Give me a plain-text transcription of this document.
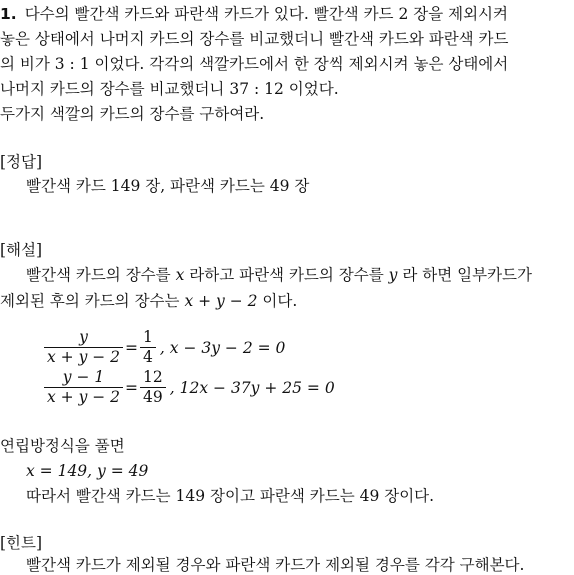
1. 다수의 빨간색 카드와 파란색 카드가 있다. 빨간색 카드 2 장을 제외시켜
놓은 상태에서 나머지 카드의 장수를 비교했더니 빨간색 카드와 파란색 카드
의 비가 3 : 1 이었다. 각각의 색깔카드에서 한 장씩 제외시켜 놓은 상태에서
나머지 카드의 장수를 비교했더니 37 : 12 이었다.
두가지 색깔의 카드의 장수를 구하여라.
[정답]
빨간색 카드 149 장, 파란색 카드는 49 장
[해설]
빨간색 카드의 장수를 x 라하고 파란색 카드의 장수를 y 라 하면 일부카드가
제외된 후의 카드의 장수는 x + y − 2 이다.
$\frac{y}{x + y - 2} = \frac{1}{4}$ , x − 3y − 2 = 0
$\frac{y - 1}{x + y - 2} = \frac{12}{49}$ , 12x − 37y + 25 = 0
연립방정식을 풀면
x = 149, y = 49
따라서 빨간색 카드는 149 장이고 파란색 카드는 49 장이다.
[힌트]
빨간색 카드가 제외될 경우와 파란색 카드가 제외될 경우를 각각 구해본다.
